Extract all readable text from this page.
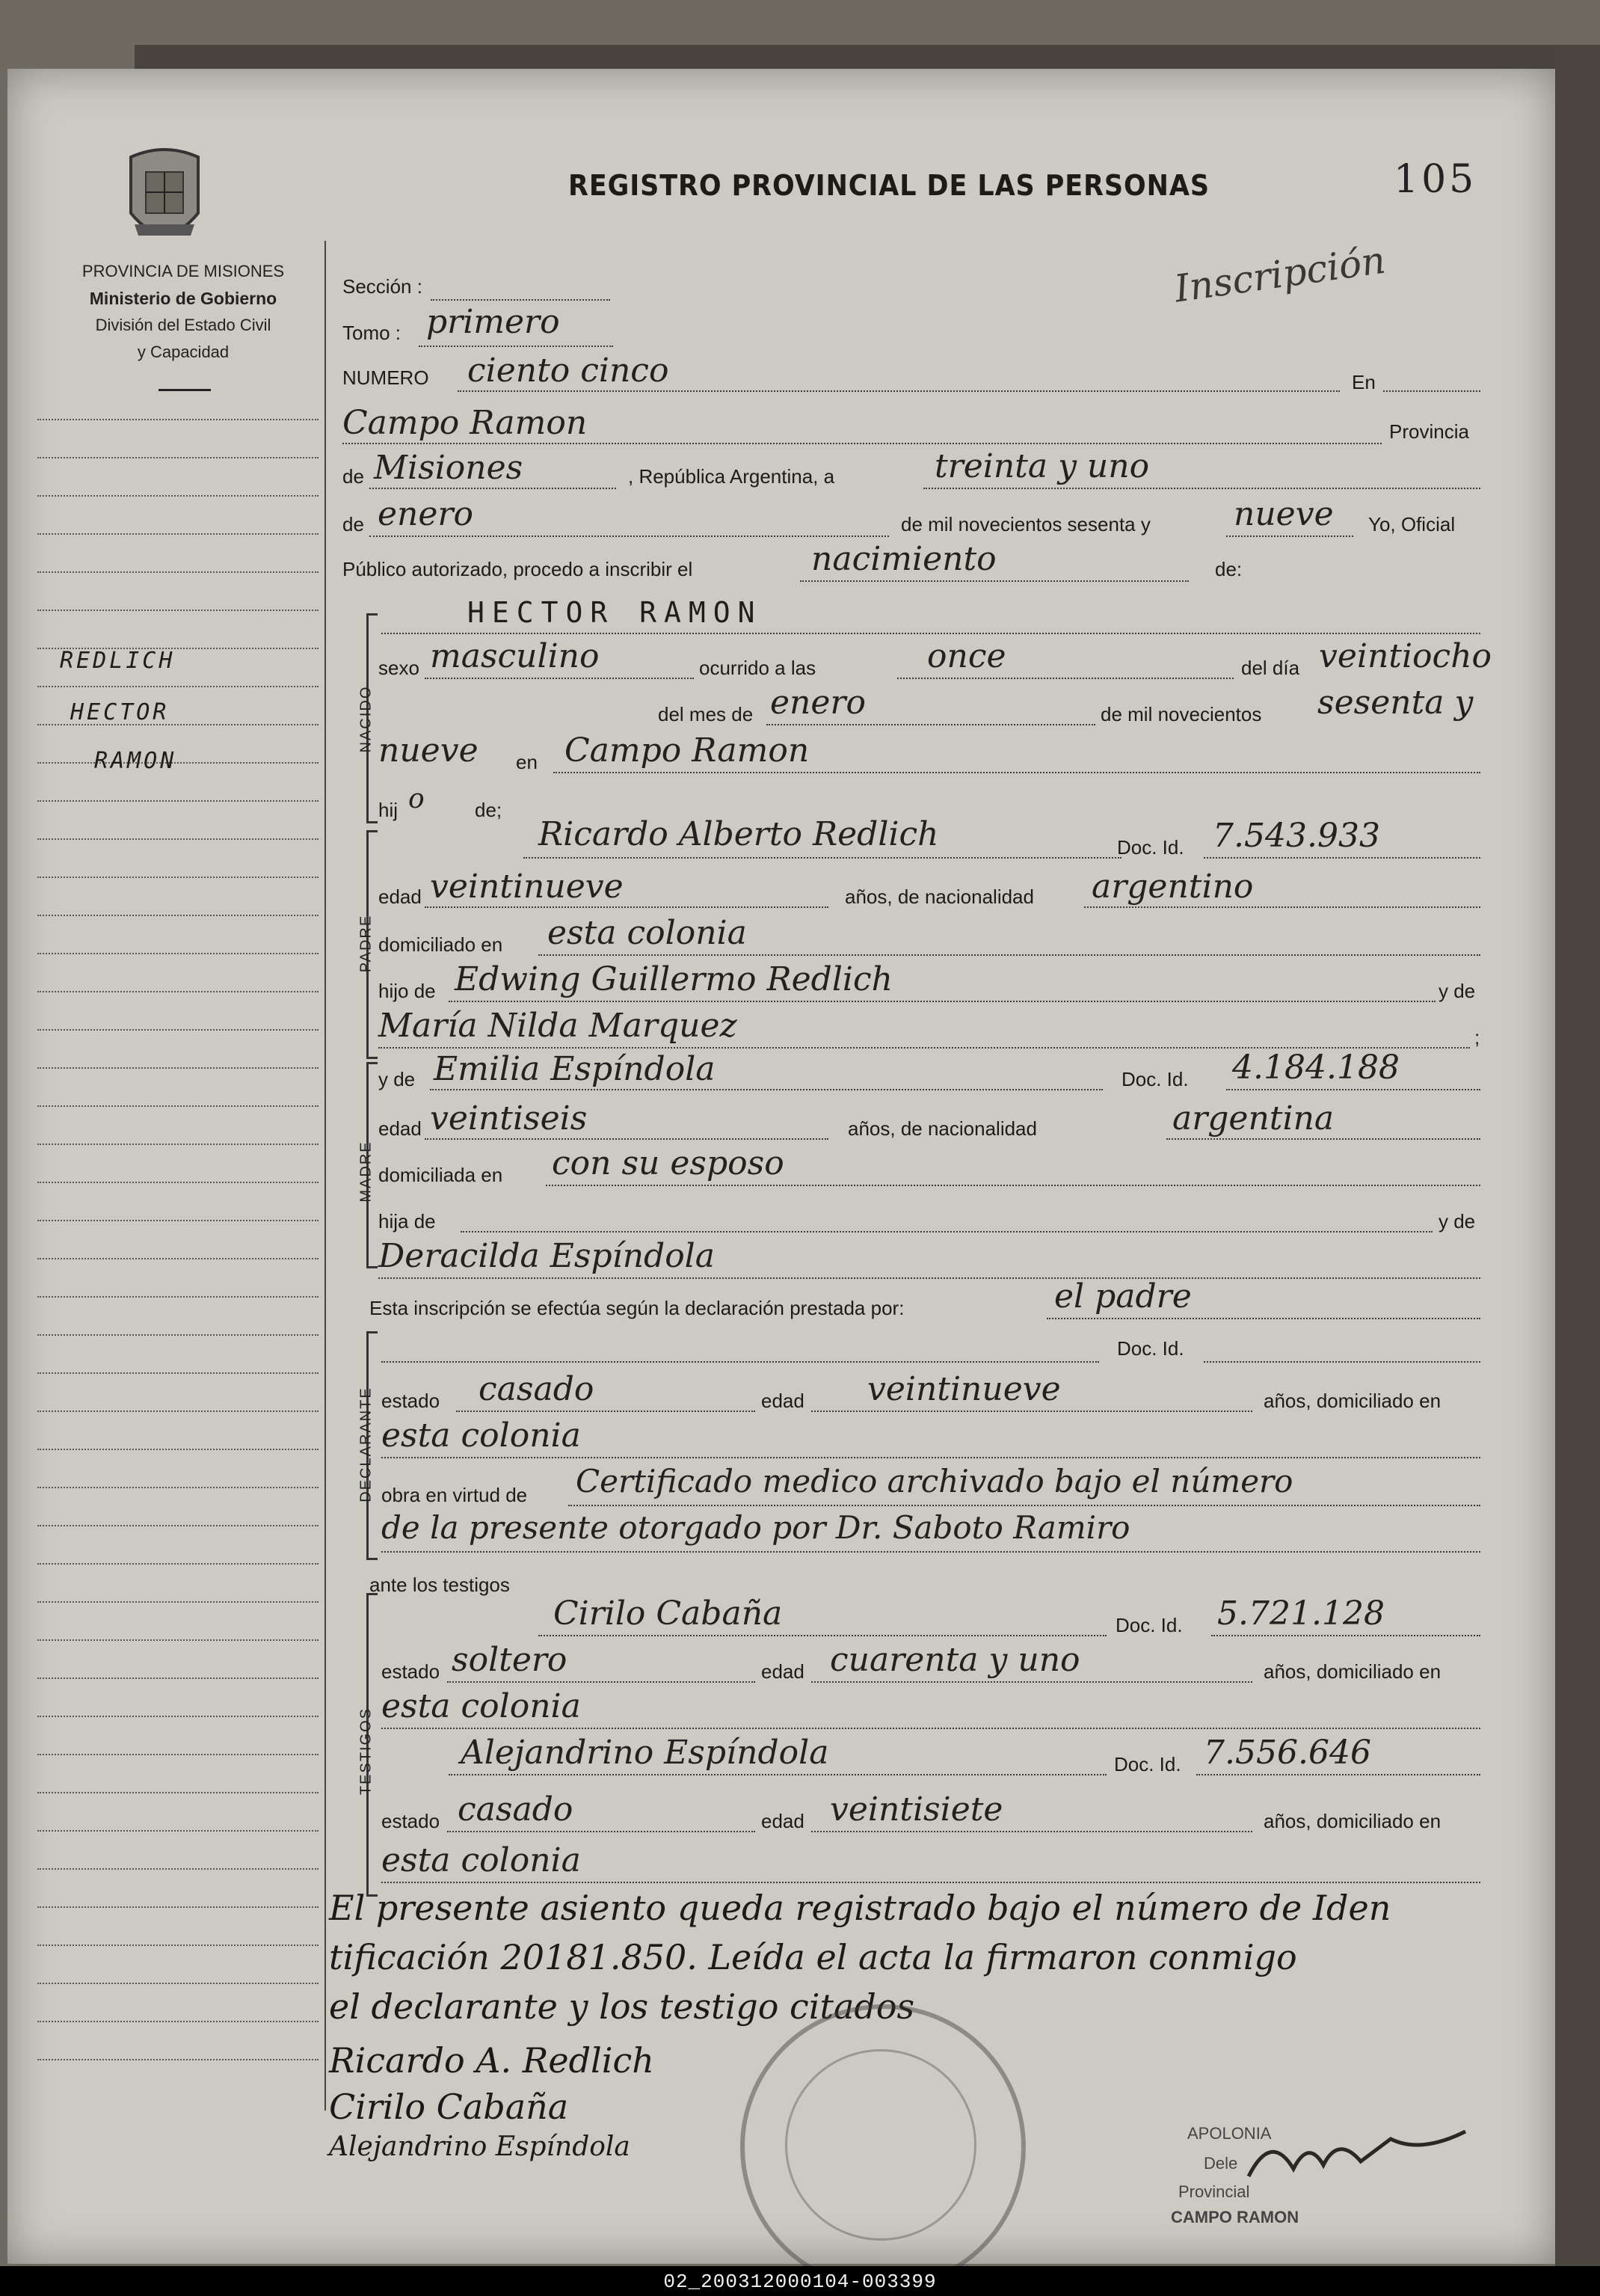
PROVINCIA DE MISIONES
Ministerio de Gobierno
División del Estado Civil
y Capacidad
REGISTRO PROVINCIAL DE LAS PERSONAS	105
Inscripción
REDLICH
HECTOR
RAMON
Sección :
Tomo : primero
NUMERO ciento cinco	En
Campo Ramon	Provincia
de Misiones	, República Argentina, a	treinta y uno
de enero	de mil novecientos sesenta y	nueve Yo, Oficial
Público autorizado, procedo a inscribir el	nacimiento	de:
NACIDO
HECTOR RAMON
sexo masculino	ocurrido a las	once	del día veintiocho
del mes de enero	de mil novecientos sesenta y
nueve en Campo Ramon
hij o	de;
PADRE
Ricardo Alberto Redlich	Doc. Id. 7.543.933
edad veintinueve	años, de nacionalidad argentino
domiciliado en esta colonia
hijo de Edwing Guillermo Redlich	y de
María Nilda Marquez	;
MADRE
y de Emilia Espíndola	Doc. Id. 4.184.188
edad veintiseis	años, de nacionalidad	argentina
domiciliada en con su esposo
hija de	y de
Deracilda Espíndola
Esta inscripción se efectúa según la declaración prestada por:	el padre
DECLARANTE
Doc. Id.
estado casado	edad veintinueve	años, domiciliado en
esta colonia
obra en virtud de Certificado medico archivado bajo el número
de la presente otorgado por Dr. Saboto Ramiro
ante los testigos
TESTIGOS
Cirilo Cabaña	Doc. Id. 5.721.128
estado soltero	edad cuarenta y uno	años, domiciliado en
esta colonia
Alejandrino Espíndola	Doc. Id. 7.556.646
estado casado	edad veintisiete	años, domiciliado en
esta colonia
El presente asiento queda registrado bajo el número de Iden
tificación 20181.850. Leída el acta la firmaron conmigo
el declarante y los testigo citados
Ricardo A. Redlich
Cirilo Cabaña
Alejandrino Espíndola	APOLONIA
Dele
Provincial
CAMPO RAMON
02_200312000104-003399
